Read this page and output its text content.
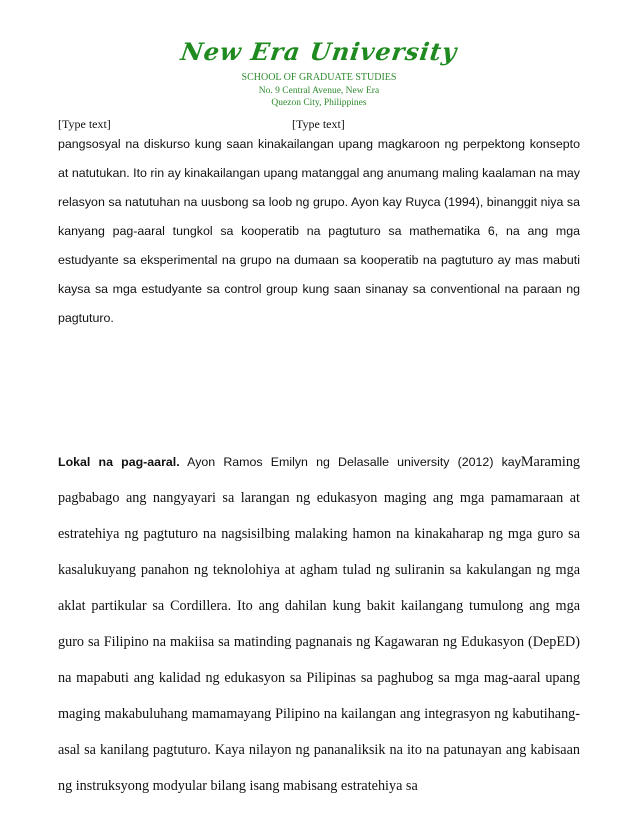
New Era University
SCHOOL OF GRADUATE STUDIES
No. 9 Central Avenue, New Era
Quezon City, Philippines
[Type text]	[Type text]

pangsosyal na diskurso kung saan kinakailangan upang magkaroon ng perpektong konsepto at natutukan. Ito rin ay kinakailangan upang matanggal ang anumang maling kaalaman na may relasyon sa natutuhan na uusbong sa loob ng grupo. Ayon kay Ruyca (1994), binanggit niya sa kanyang pag-aaral tungkol sa kooperatib na pagtuturo sa mathematika 6, na ang mga estudyante sa eksperimental na grupo na dumaan sa kooperatib na pagtuturo ay mas mabuti kaysa sa mga estudyante sa control group kung saan sinanay sa conventional na paraan ng pagtuturo.

Lokal na pag-aaral. Ayon Ramos Emilyn ng Delasalle university (2012) kayMaraming pagbabago ang nangyayari sa larangan ng edukasyon maging ang mga pamamaraan at estratehiya ng pagtuturo na nagsisilbing malaking hamon na kinakaharap ng mga guro sa kasalukuyang panahon ng teknolohiya at agham tulad ng suliranin sa kakulangan ng mga aklat partikular sa Cordillera. Ito ang dahilan kung bakit kailangang tumulong ang mga guro sa Filipino na makiisa sa matinding pagnanais ng Kagawaran ng Edukasyon (DepED) na mapabuti ang kalidad ng edukasyon sa Pilipinas sa paghubog sa mga mag-aaral upang maging makabuluhang mamamayang Pilipino na kailangan ang integrasyon ng kabutihang-asal sa kanilang pagtuturo. Kaya nilayon ng pananaliksik na ito na patunayan ang kabisaan ng instruksyong modyular bilang isang mabisang estratehiya sa
